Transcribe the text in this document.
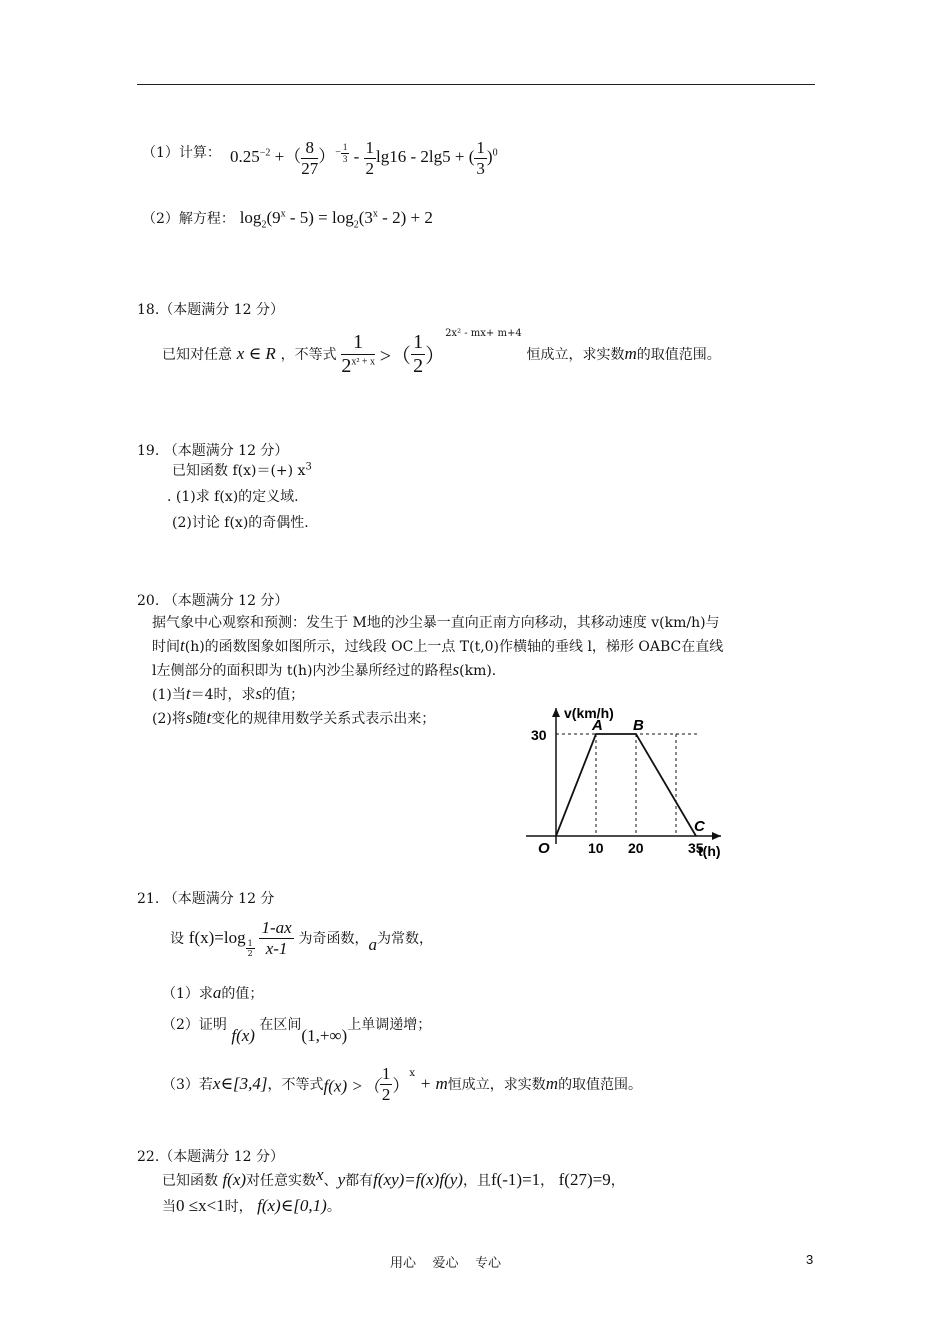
（1）计算： $0.25^{-2}$ +（ $\frac{8}{27} )^{- \frac{1}{3}} - \frac{1}{2} \lg 16 - 2\lg 5$ + ( $\frac{1}{3} )^0$
（2）解方程： $\log_2(9^x - 5) = \log_2(3^x - 2) + 2$
18.（本题满分 12 分）
已知对任意 x ∈ R ，不等式 $\frac{1}{2^{x^2 + x}}$ >（ $\frac{1}{2} )^{2x^2 - mx+ m+4}$ 恒成立，求实数m的取值范围。
19. （本题满分 12 分）
已知函数 f(x)＝(+) $x^3$
. (1)求 f(x)的定义域.
(2)讨论 f(x)的奇偶性.
20. （本题满分 12 分）
据气象中心观察和预测：发生于 M地的沙尘暴一直向正南方向移动，其移动速度 v(km/h)与
时间t(h)的函数图象如图所示，过线段 OC上一点 T(t,0)作横轴的垂线 l，梯形 OABC在直线
l左侧部分的面积即为 t(h)内沙尘暴所经过的路程s(km)．
(1)当t＝4时，求s的值；
(2)将s随t变化的规律用数学关系式表示出来；	A B
C
O	10 20	35
30
v(km/h)
t(h)
21. （本题满分 12 分
设 f(x)=log
$\frac{1}{2}$
$\frac{1-ax}{x-1}$ 为奇函数，a为常数，
（1）求a的值；
（2）证明 f(x) 在区间(1,+∞)上单调递增；
（3）若x∈[3,4]，不等式f(x) >（ $\frac{1}{2} )^x + m$恒成立，求实数m的取值范围。
22.（本题满分 12 分）
已知函数 f(x)对任意实数x、y都有f(xy)=f(x)f(y)，且f(-1)=1， f(27)=9，
当0 ≤x<1时， f(x)∈[0,1)。
用心    爱心    专心	3
